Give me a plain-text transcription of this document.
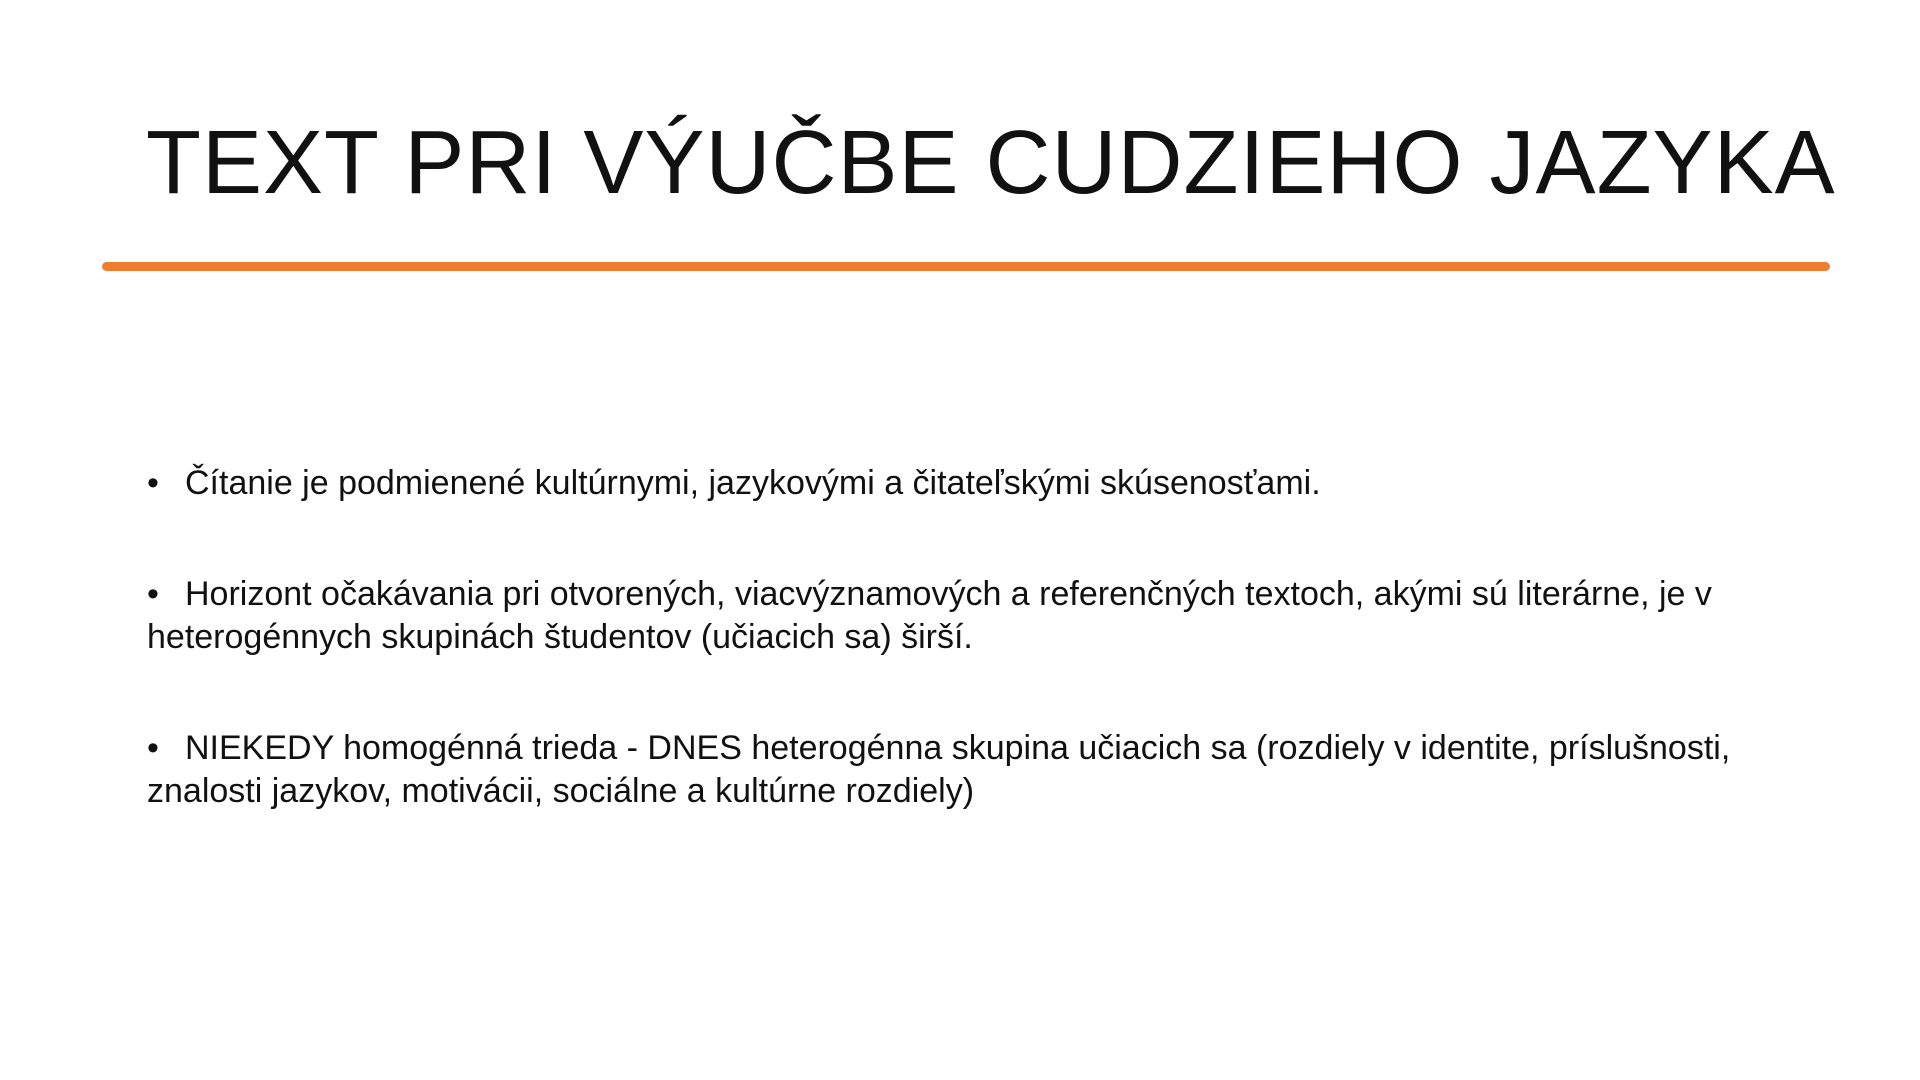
TEXT PRI VÝUČBE CUDZIEHO JAZYKA
• Čítanie je podmienené kultúrnymi, jazykovými a čitateľskými skúsenosťami.
• Horizont očakávania pri otvorených, viacvýznamových a referenčných textoch, akými sú literárne, je v heterogénnych skupinách študentov (učiacich sa) širší.
• NIEKEDY homogénná trieda - DNES heterogénna skupina učiacich sa (rozdiely v identite, príslušnosti, znalosti jazykov, motivácii, sociálne a kultúrne rozdiely)
